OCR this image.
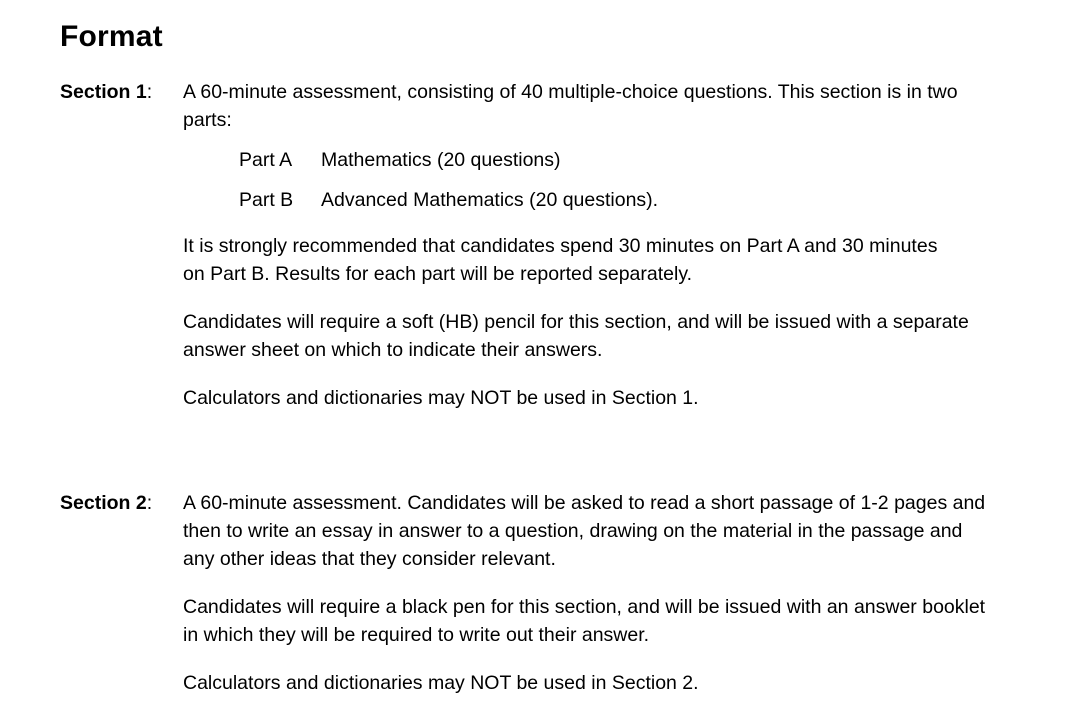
Format
Section 1: A 60-minute assessment, consisting of 40 multiple-choice questions. This section is in two parts:

Part A	Mathematics (20 questions)
Part B	Advanced Mathematics (20 questions).

It is strongly recommended that candidates spend 30 minutes on Part A and 30 minutes on Part B. Results for each part will be reported separately.

Candidates will require a soft (HB) pencil for this section, and will be issued with a separate answer sheet on which to indicate their answers.

Calculators and dictionaries may NOT be used in Section 1.

Section 2: A 60-minute assessment. Candidates will be asked to read a short passage of 1-2 pages and then to write an essay in answer to a question, drawing on the material in the passage and any other ideas that they consider relevant.

Candidates will require a black pen for this section, and will be issued with an answer booklet in which they will be required to write out their answer.

Calculators and dictionaries may NOT be used in Section 2.
